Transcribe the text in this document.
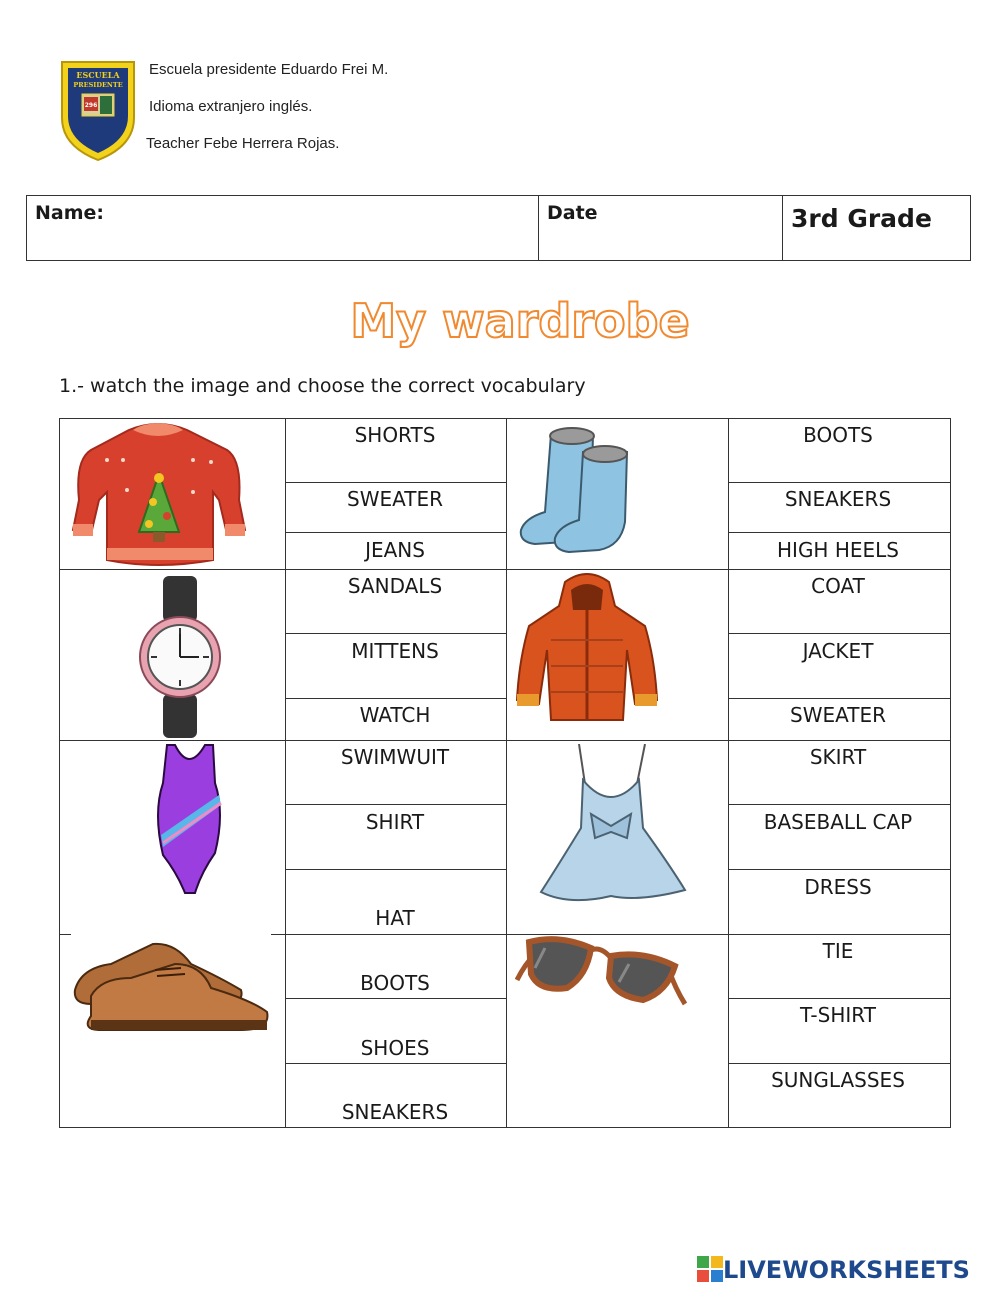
ESCUELA
PRESIDENTE
296
Escuela presidente Eduardo Frei M.
Idioma extranjero inglés.
Teacher Febe Herrera Rojas.
Name:	Date	3rd Grade
My wardrobe
1.- watch the image and choose the correct vocabulary
SHORTS
SWEATER
JEANS
BOOTS
SNEAKERS
HIGH HEELS
SANDALS
MITTENS
WATCH
COAT
JACKET
SWEATER
SWIMWUIT
SHIRT
HAT
SKIRT
BASEBALL CAP
DRESS
BOOTS
SHOES
SNEAKERS
TIE
T-SHIRT
SUNGLASSES
LIVEWORKSHEETS
